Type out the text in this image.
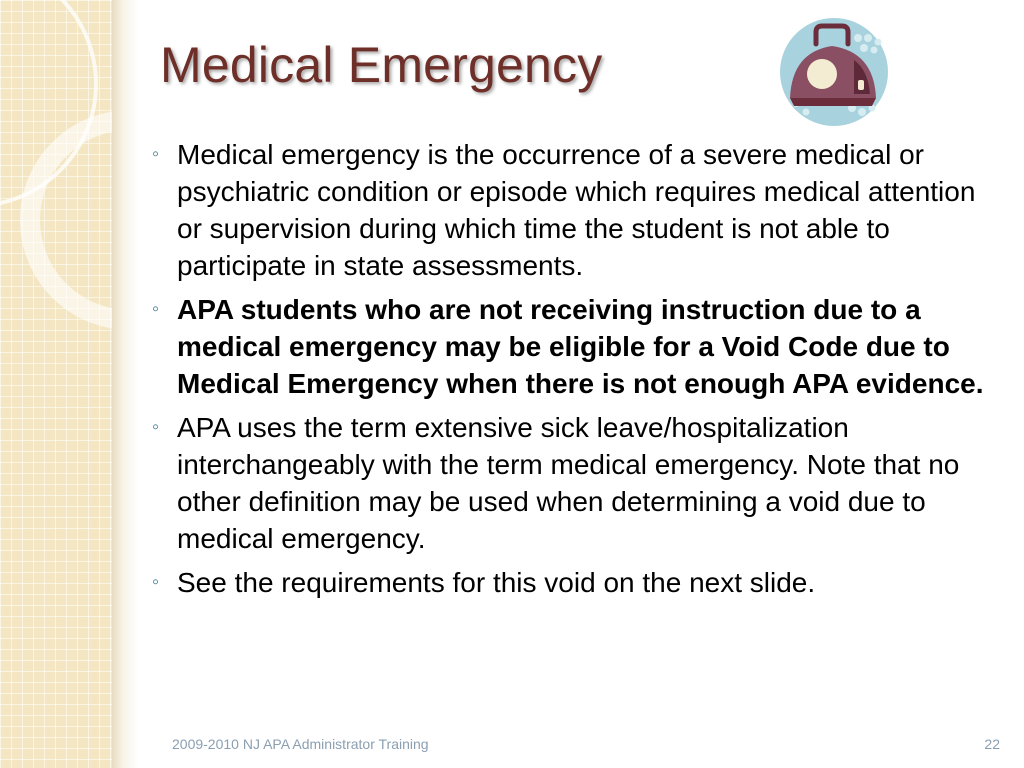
Medical Emergency
◦ Medical emergency is the occurrence of a severe medical or psychiatric condition or episode which requires medical attention or supervision during which time the student is not able to participate in state assessments.
◦ APA students who are not receiving instruction due to a medical emergency may be eligible for a Void Code due to Medical Emergency when there is not enough APA evidence.
◦ APA uses the term extensive sick leave/hospitalization interchangeably with the term medical emergency. Note that no other definition may be used when determining a void due to medical emergency.
◦ See the requirements for this void on the next slide.
2009-2010 NJ APA Administrator Training	22
